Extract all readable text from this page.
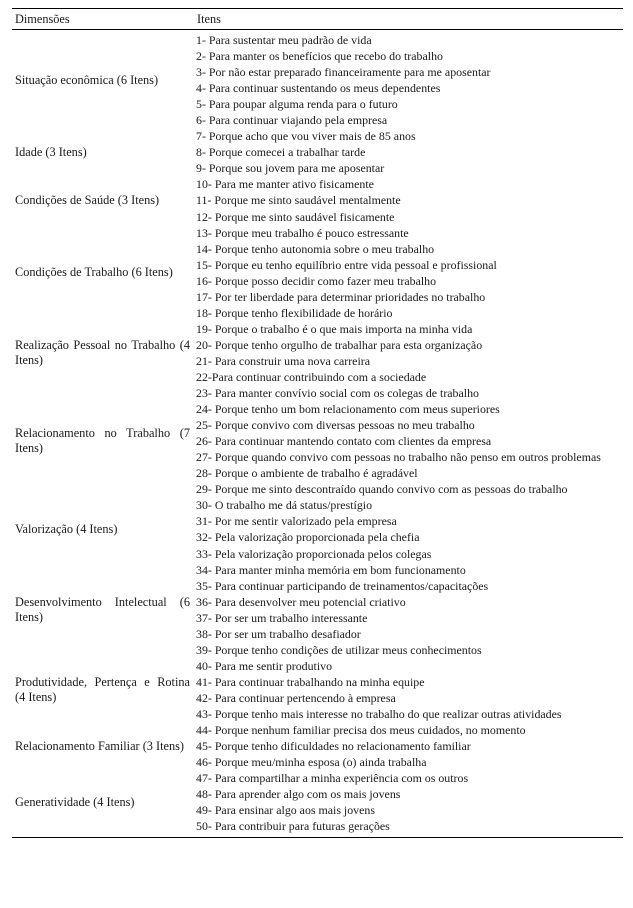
Dimensões	Itens
Situação econômica (6 Itens)
1- Para sustentar meu padrão de vida
2- Para manter os benefícios que recebo do trabalho
3- Por não estar preparado financeiramente para me aposentar
4- Para continuar sustentando os meus dependentes
5- Para poupar alguma renda para o futuro
6- Para continuar viajando pela empresa
Idade (3 Itens)
7- Porque acho que vou viver mais de 85 anos
8- Porque comecei a trabalhar tarde
9- Porque sou jovem para me aposentar
Condições de Saúde (3 Itens)
10- Para me manter ativo fisicamente
11- Porque me sinto saudável mentalmente
12- Porque me sinto saudável fisicamente
Condições de Trabalho (6 Itens)
13- Porque meu trabalho é pouco estressante
14- Porque tenho autonomia sobre o meu trabalho
15- Porque eu tenho equilíbrio entre vida pessoal e profissional
16- Porque posso decidir como fazer meu trabalho
17- Por ter liberdade para determinar prioridades no trabalho
18- Porque tenho flexibilidade de horário
Realização Pessoal no Trabalho (4 Itens)
19- Porque o trabalho é o que mais importa na minha vida
20- Porque tenho orgulho de trabalhar para esta organização
21- Para construir uma nova carreira
22-Para continuar contribuindo com a sociedade
Relacionamento no Trabalho (7 Itens)
23- Para manter convívio social com os colegas de trabalho
24- Porque tenho um bom relacionamento com meus superiores
25- Porque convivo com diversas pessoas no meu trabalho
26- Para continuar mantendo contato com clientes da empresa
27- Porque quando convivo com pessoas no trabalho não penso em outros problemas
28- Porque o ambiente de trabalho é agradável
29- Porque me sinto descontraído quando convivo com as pessoas do trabalho
Valorização (4 Itens)
30- O trabalho me dá status/prestígio
31- Por me sentir valorizado pela empresa
32- Pela valorização proporcionada pela chefia
33- Pela valorização proporcionada pelos colegas
Desenvolvimento Intelectual (6 Itens)
34- Para manter minha memória em bom funcionamento
35- Para continuar participando de treinamentos/capacitações
36- Para desenvolver meu potencial criativo
37- Por ser um trabalho interessante
38- Por ser um trabalho desafiador
39- Porque tenho condições de utilizar meus conhecimentos
Produtividade, Pertença e Rotina (4 Itens)
40- Para me sentir produtivo
41- Para continuar trabalhando na minha equipe
42- Para continuar pertencendo à empresa
43- Porque tenho mais interesse no trabalho do que realizar outras atividades
Relacionamento Familiar (3 Itens)
44- Porque nenhum familiar precisa dos meus cuidados, no momento
45- Porque tenho dificuldades no relacionamento familiar
46- Porque meu/minha esposa (o) ainda trabalha
Generatividade (4 Itens)
47- Para compartilhar a minha experiência com os outros
48- Para aprender algo com os mais jovens
49- Para ensinar algo aos mais jovens
50- Para contribuir para futuras gerações
